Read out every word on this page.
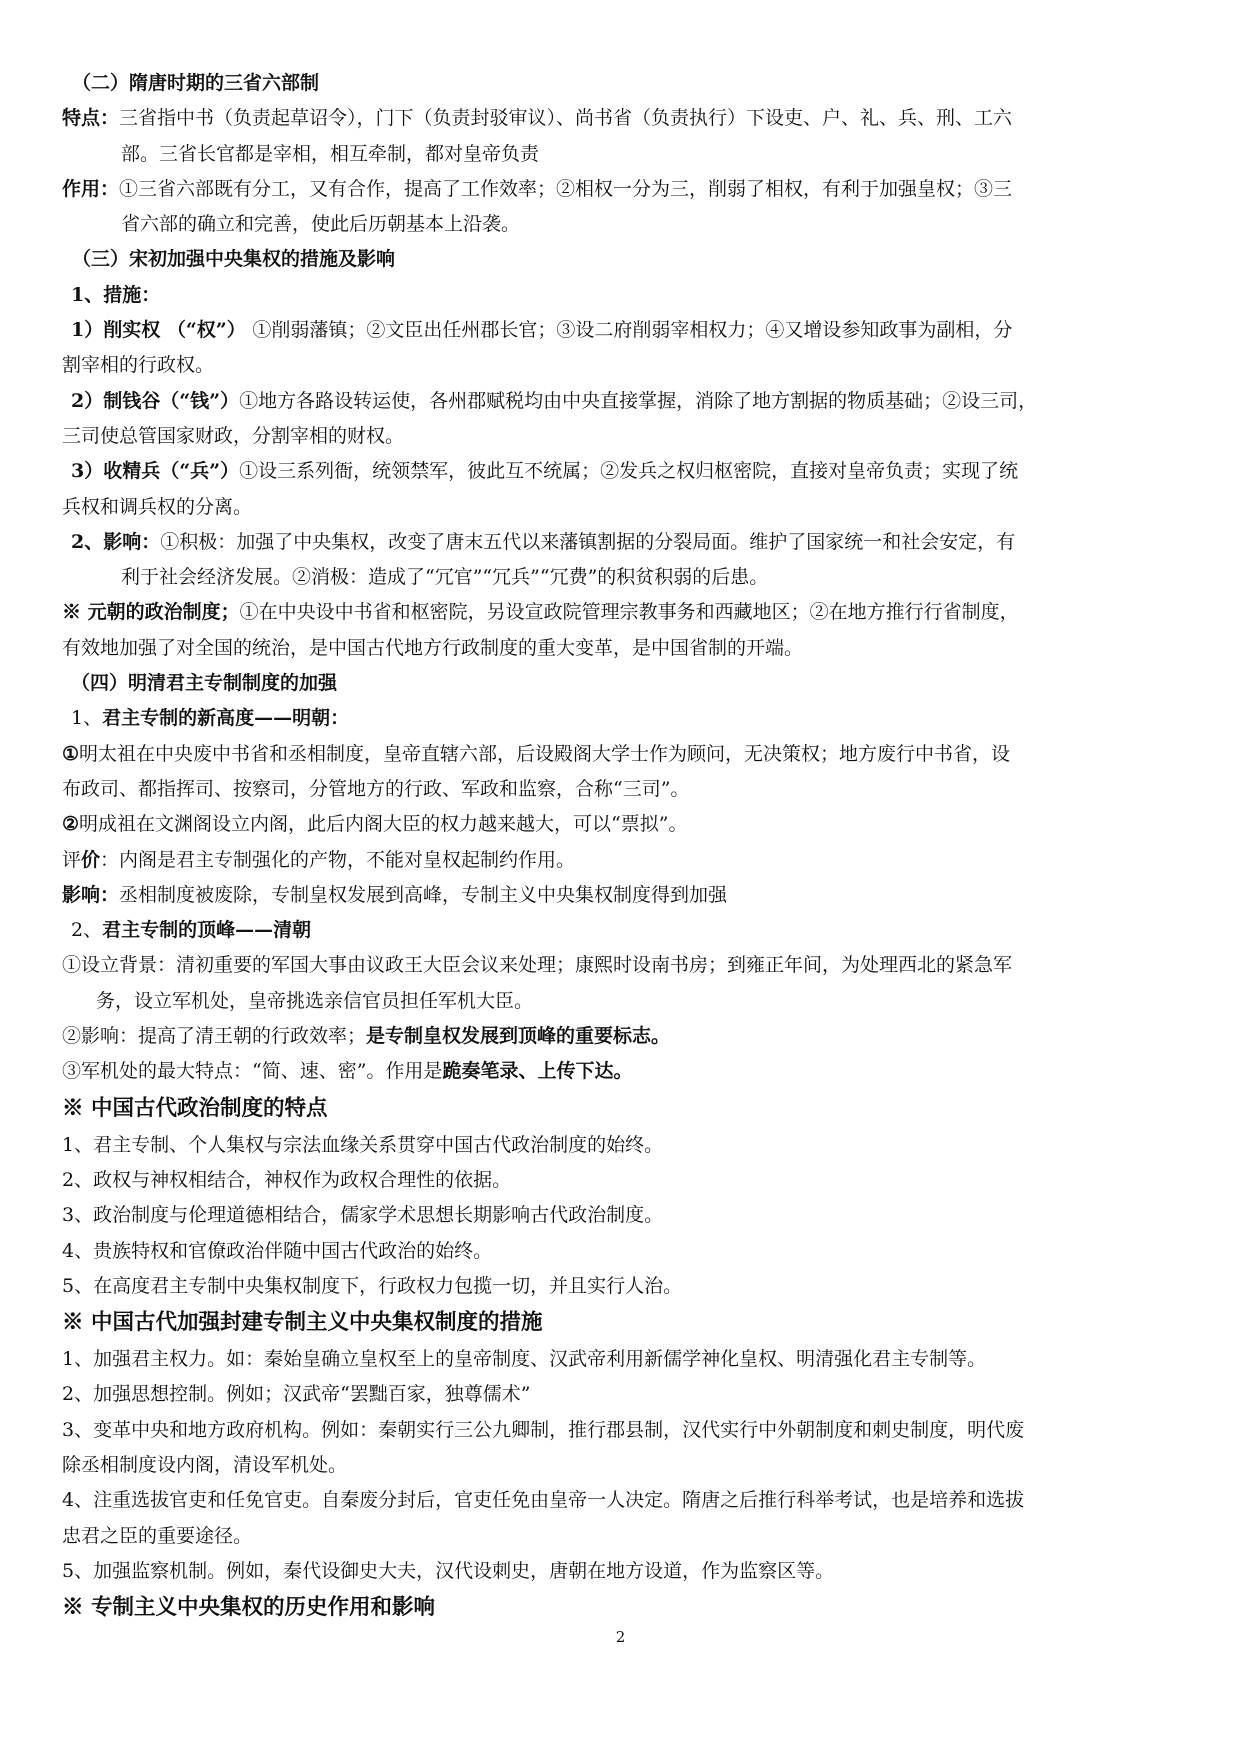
（二）隋唐时期的三省六部制
特点：三省指中书（负责起草诏令），门下（负责封驳审议）、尚书省（负责执行）下设吏、户、礼、兵、刑、工六
部。三省长官都是宰相，相互牵制，都对皇帝负责
作用：①三省六部既有分工，又有合作，提高了工作效率；②相权一分为三，削弱了相权，有利于加强皇权；③三
省六部的确立和完善，使此后历朝基本上沿袭。
（三）宋初加强中央集权的措施及影响
1、措施：
1）削实权 （“权”） ①削弱藩镇；②文臣出任州郡长官；③设二府削弱宰相权力；④又增设参知政事为副相，分
割宰相的行政权。
2）制钱谷（“钱”）①地方各路设转运使，各州郡赋税均由中央直接掌握，消除了地方割据的物质基础；②设三司，
三司使总管国家财政，分割宰相的财权。
3）收精兵（“兵”）①设三系列衙，统领禁军，彼此互不统属；②发兵之权归枢密院，直接对皇帝负责；实现了统
兵权和调兵权的分离。
2、影响：①积极：加强了中央集权，改变了唐末五代以来藩镇割据的分裂局面。维护了国家统一和社会安定，有
利于社会经济发展。②消极：造成了“冗官”“冗兵”“冗费”的积贫积弱的后患。
※ 元朝的政治制度；①在中央设中书省和枢密院，另设宣政院管理宗教事务和西藏地区；②在地方推行行省制度，
有效地加强了对全国的统治，是中国古代地方行政制度的重大变革，是中国省制的开端。
（四）明清君主专制制度的加强
1、君主专制的新高度——明朝：
①明太祖在中央废中书省和丞相制度，皇帝直辖六部，后设殿阁大学士作为顾问，无决策权；地方废行中书省，设
布政司、都指挥司、按察司，分管地方的行政、军政和监察，合称“三司”。
②明成祖在文渊阁设立内阁，此后内阁大臣的权力越来越大，可以“票拟”。
评价：内阁是君主专制强化的产物，不能对皇权起制约作用。
影响：丞相制度被废除，专制皇权发展到高峰，专制主义中央集权制度得到加强
2、君主专制的顶峰——清朝
①设立背景：清初重要的军国大事由议政王大臣会议来处理；康熙时设南书房；到雍正年间，为处理西北的紧急军
务，设立军机处，皇帝挑选亲信官员担任军机大臣。
②影响：提高了清王朝的行政效率；是专制皇权发展到顶峰的重要标志。
③军机处的最大特点：“简、速、密”。作用是跪奏笔录、上传下达。
※ 中国古代政治制度的特点
1、君主专制、个人集权与宗法血缘关系贯穿中国古代政治制度的始终。
2、政权与神权相结合，神权作为政权合理性的依据。
3、政治制度与伦理道德相结合，儒家学术思想长期影响古代政治制度。
4、贵族特权和官僚政治伴随中国古代政治的始终。
5、在高度君主专制中央集权制度下，行政权力包揽一切，并且实行人治。
※ 中国古代加强封建专制主义中央集权制度的措施
1、加强君主权力。如：秦始皇确立皇权至上的皇帝制度、汉武帝利用新儒学神化皇权、明清强化君主专制等。
2、加强思想控制。例如；汉武帝“罢黜百家，独尊儒术”
3、变革中央和地方政府机构。例如：秦朝实行三公九卿制，推行郡县制，汉代实行中外朝制度和刺史制度，明代废
除丞相制度设内阁，清设军机处。
4、注重选拔官吏和任免官吏。自秦废分封后，官吏任免由皇帝一人决定。隋唐之后推行科举考试，也是培养和选拔
忠君之臣的重要途径。
5、加强监察机制。例如，秦代设御史大夫，汉代设刺史，唐朝在地方设道，作为监察区等。
※ 专制主义中央集权的历史作用和影响
2
